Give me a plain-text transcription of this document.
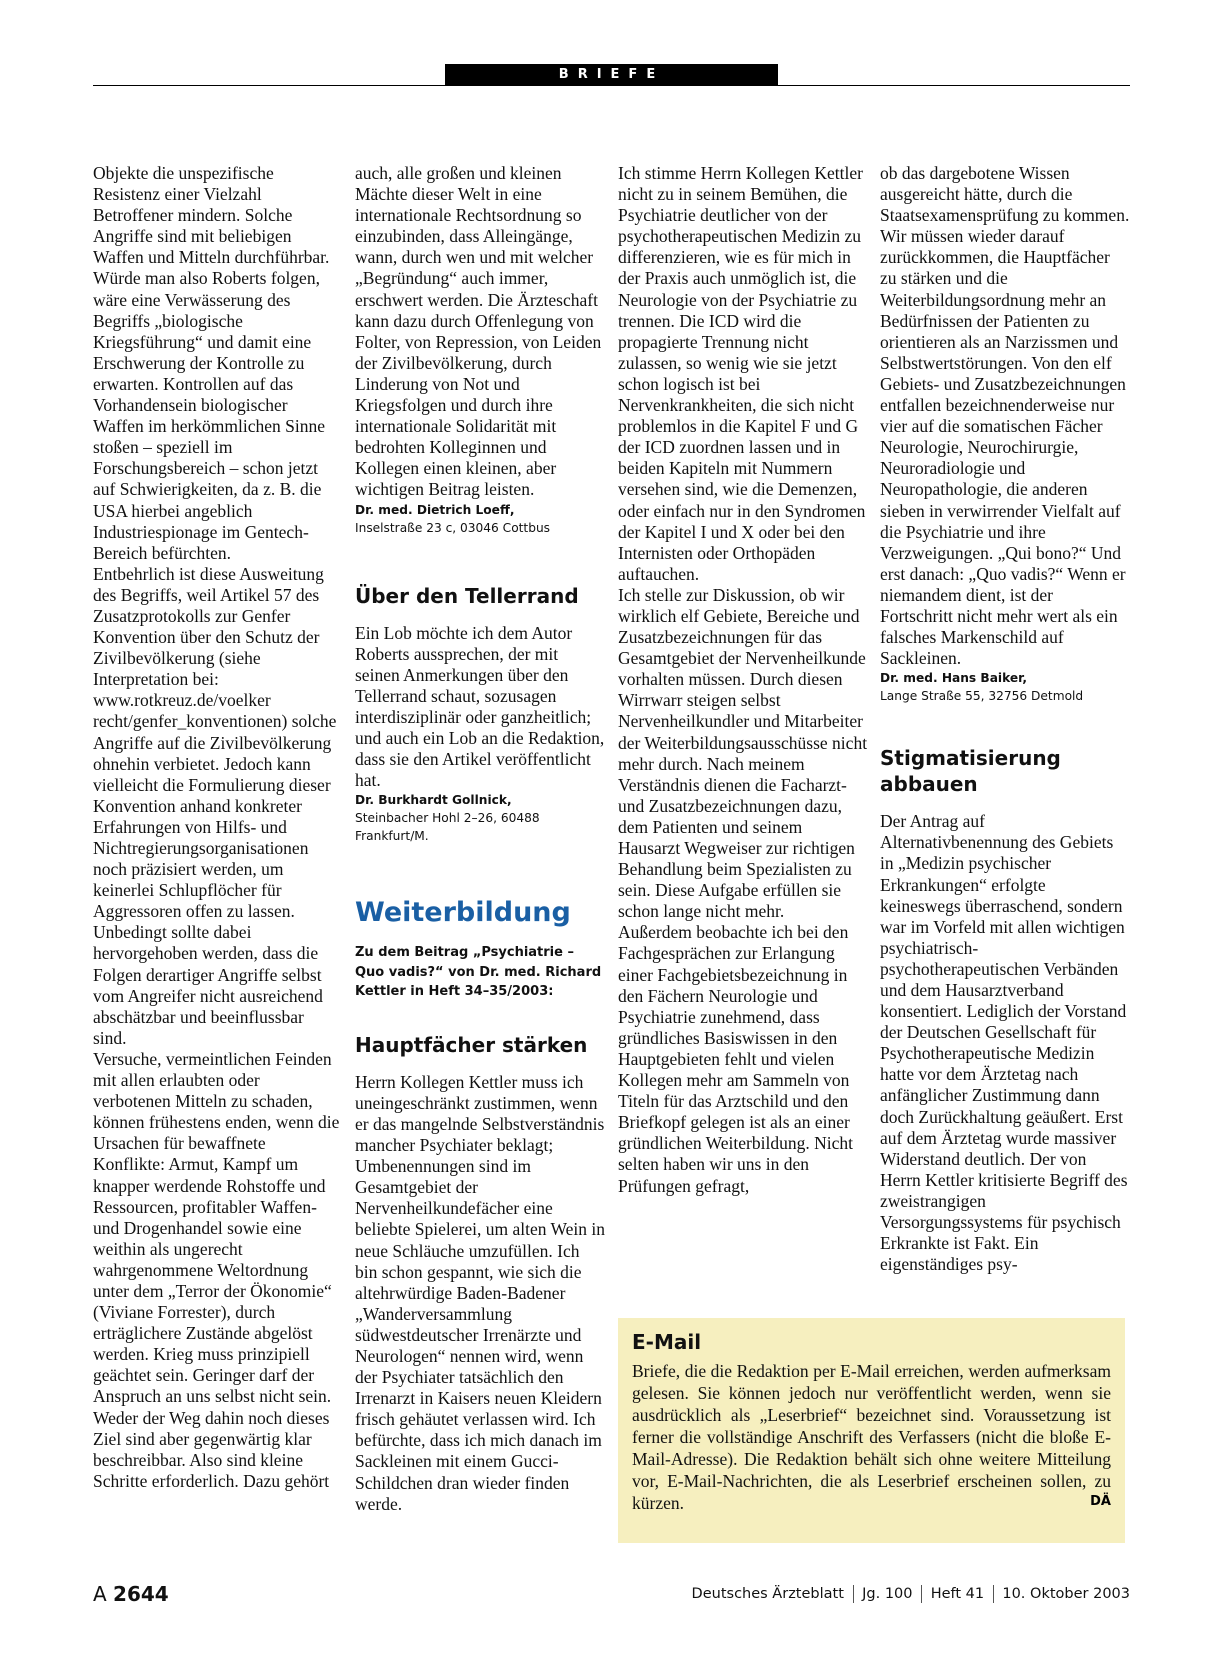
BRIEFE

Objekte die unspezifische Resistenz einer Vielzahl Betroffener mindern. Solche Angriffe sind mit beliebigen Waffen und Mitteln durchführbar. Würde man also Roberts folgen, wäre eine Verwässerung des Begriffs „biologische Kriegsführung“ und damit eine Erschwerung der Kontrolle zu erwarten. Kontrollen auf das Vorhandensein biologischer Waffen im herkömmlichen Sinne stoßen – speziell im Forschungsbereich – schon jetzt auf Schwierigkeiten, da z. B. die USA hierbei angeblich Industriespionage im Gentech-Bereich befürchten.

Entbehrlich ist diese Ausweitung des Begriffs, weil Artikel 57 des Zusatzprotokolls zur Genfer Konvention über den Schutz der Zivilbevölkerung (siehe Interpretation bei: www.rotkreuz.de/voelker recht/genfer_konventionen) solche Angriffe auf die Zivilbevölkerung ohnehin verbietet. Jedoch kann vielleicht die Formulierung dieser Konvention anhand konkreter Erfahrungen von Hilfs- und Nichtregierungsorganisationen noch präzisiert werden, um keinerlei Schlupflöcher für Aggressoren offen zu lassen.

Unbedingt sollte dabei hervorgehoben werden, dass die Folgen derartiger Angriffe selbst vom Angreifer nicht ausreichend abschätzbar und beeinflussbar sind.

Versuche, vermeintlichen Feinden mit allen erlaubten oder verbotenen Mitteln zu schaden, können frühestens enden, wenn die Ursachen für bewaffnete Konflikte: Armut, Kampf um knapper werdende Rohstoffe und Ressourcen, profitabler Waffen- und Drogenhandel sowie eine weithin als ungerecht wahrgenommene Weltordnung unter dem „Terror der Ökonomie“ (Viviane Forrester), durch erträglichere Zustände abgelöst werden. Krieg muss prinzipiell geächtet sein. Geringer darf der Anspruch an uns selbst nicht sein. Weder der Weg dahin noch dieses Ziel sind aber gegenwärtig klar beschreibbar. Also sind kleine Schritte erforderlich. Dazu gehört

auch, alle großen und kleinen Mächte dieser Welt in eine internationale Rechtsordnung so einzubinden, dass Alleingänge, wann, durch wen und mit welcher „Begründung“ auch immer, erschwert werden. Die Ärzteschaft kann dazu durch Offenlegung von Folter, von Repression, von Leiden der Zivilbevölkerung, durch Linderung von Not und Kriegsfolgen und durch ihre internationale Solidarität mit bedrohten Kolleginnen und Kollegen einen kleinen, aber wichtigen Beitrag leisten.

Dr. med. Dietrich Loeff,

Inselstraße 23 c, 03046 Cottbus

Über den Tellerrand

Ein Lob möchte ich dem Autor Roberts aussprechen, der mit seinen Anmerkungen über den Tellerrand schaut, sozusagen interdisziplinär oder ganzheitlich; und auch ein Lob an die Redaktion, dass sie den Artikel veröffentlicht hat.

Dr. Burkhardt Gollnick,

Steinbacher Hohl 2–26, 60488 Frankfurt/M.

Weiterbildung

Zu dem Beitrag „Psychiatrie – Quo vadis?“ von Dr. med. Richard Kettler in Heft 34–35/2003:

Hauptfächer stärken

Herrn Kollegen Kettler muss ich uneingeschränkt zustimmen, wenn er das mangelnde Selbstverständnis mancher Psychiater beklagt; Umbenennungen sind im Gesamtgebiet der Nervenheilkundefächer eine beliebte Spielerei, um alten Wein in neue Schläuche umzufüllen. Ich bin schon gespannt, wie sich die altehrwürdige Baden-Badener „Wanderversammlung südwestdeutscher Irrenärzte und Neurologen“ nennen wird, wenn der Psychiater tatsächlich den Irrenarzt in Kaisers neuen Kleidern frisch gehäutet verlassen wird. Ich befürchte, dass ich mich danach im Sackleinen mit einem Gucci-Schildchen dran wieder finden werde.

Ich stimme Herrn Kollegen Kettler nicht zu in seinem Bemühen, die Psychiatrie deutlicher von der psychotherapeutischen Medizin zu differenzieren, wie es für mich in der Praxis auch unmöglich ist, die Neurologie von der Psychiatrie zu trennen. Die ICD wird die propagierte Trennung nicht zulassen, so wenig wie sie jetzt schon logisch ist bei Nervenkrankheiten, die sich nicht problemlos in die Kapitel F und G der ICD zuordnen lassen und in beiden Kapiteln mit Nummern versehen sind, wie die Demenzen, oder einfach nur in den Syndromen der Kapitel I und X oder bei den Internisten oder Orthopäden auftauchen.

Ich stelle zur Diskussion, ob wir wirklich elf Gebiete, Bereiche und Zusatzbezeichnungen für das Gesamtgebiet der Nervenheilkunde vorhalten müssen. Durch diesen Wirrwarr steigen selbst Nervenheilkundler und Mitarbeiter der Weiterbildungsausschüsse nicht mehr durch. Nach meinem Verständnis dienen die Facharzt- und Zusatzbezeichnungen dazu, dem Patienten und seinem Hausarzt Wegweiser zur richtigen Behandlung beim Spezialisten zu sein. Diese Aufgabe erfüllen sie schon lange nicht mehr.

Außerdem beobachte ich bei den Fachgesprächen zur Erlangung einer Fachgebietsbezeichnung in den Fächern Neurologie und Psychiatrie zunehmend, dass gründliches Basiswissen in den Hauptgebieten fehlt und vielen Kollegen mehr am Sammeln von Titeln für das Arztschild und den Briefkopf gelegen ist als an einer gründlichen Weiterbildung. Nicht selten haben wir uns in den Prüfungen gefragt,

ob das dargebotene Wissen ausgereicht hätte, durch die Staatsexamensprüfung zu kommen. Wir müssen wieder darauf zurückkommen, die Hauptfächer zu stärken und die Weiterbildungsordnung mehr an Bedürfnissen der Patienten zu orientieren als an Narzissmen und Selbstwertstörungen. Von den elf Gebiets- und Zusatzbezeichnungen entfallen bezeichnenderweise nur vier auf die somatischen Fächer Neurologie, Neurochirurgie, Neuroradiologie und Neuropathologie, die anderen sieben in verwirrender Vielfalt auf die Psychiatrie und ihre Verzweigungen. „Qui bono?“ Und erst danach: „Quo vadis?“ Wenn er niemandem dient, ist der Fortschritt nicht mehr wert als ein falsches Markenschild auf Sackleinen.

Dr. med. Hans Baiker,

Lange Straße 55, 32756 Detmold

Stigmatisierung abbauen

Der Antrag auf Alternativbenennung des Gebiets in „Medizin psychischer Erkrankungen“ erfolgte keineswegs überraschend, sondern war im Vorfeld mit allen wichtigen psychiatrisch-psychotherapeutischen Verbänden und dem Hausarztverband konsentiert. Lediglich der Vorstand der Deutschen Gesellschaft für Psychotherapeutische Medizin hatte vor dem Ärztetag nach anfänglicher Zustimmung dann doch Zurückhaltung geäußert. Erst auf dem Ärztetag wurde massiver Widerstand deutlich. Der von Herrn Kettler kritisierte Begriff des zweistrangigen Versorgungssystems für psychisch Erkrankte ist Fakt. Ein eigenständiges psy-

E-Mail

Briefe, die die Redaktion per E-Mail erreichen, werden aufmerksam gelesen. Sie können jedoch nur veröffentlicht werden, wenn sie ausdrücklich als „Leserbrief“ bezeichnet sind. Voraussetzung ist ferner die vollständige Anschrift des Verfassers (nicht die bloße E-Mail-Adresse). Die Redaktion behält sich ohne weitere Mitteilung vor, E-Mail-Nachrichten, die als Leserbrief erscheinen sollen, zu kürzen.	DÄ
A 2644	Deutsches Ärzteblatt Jg. 100 Heft 41 10. Oktober 2003
